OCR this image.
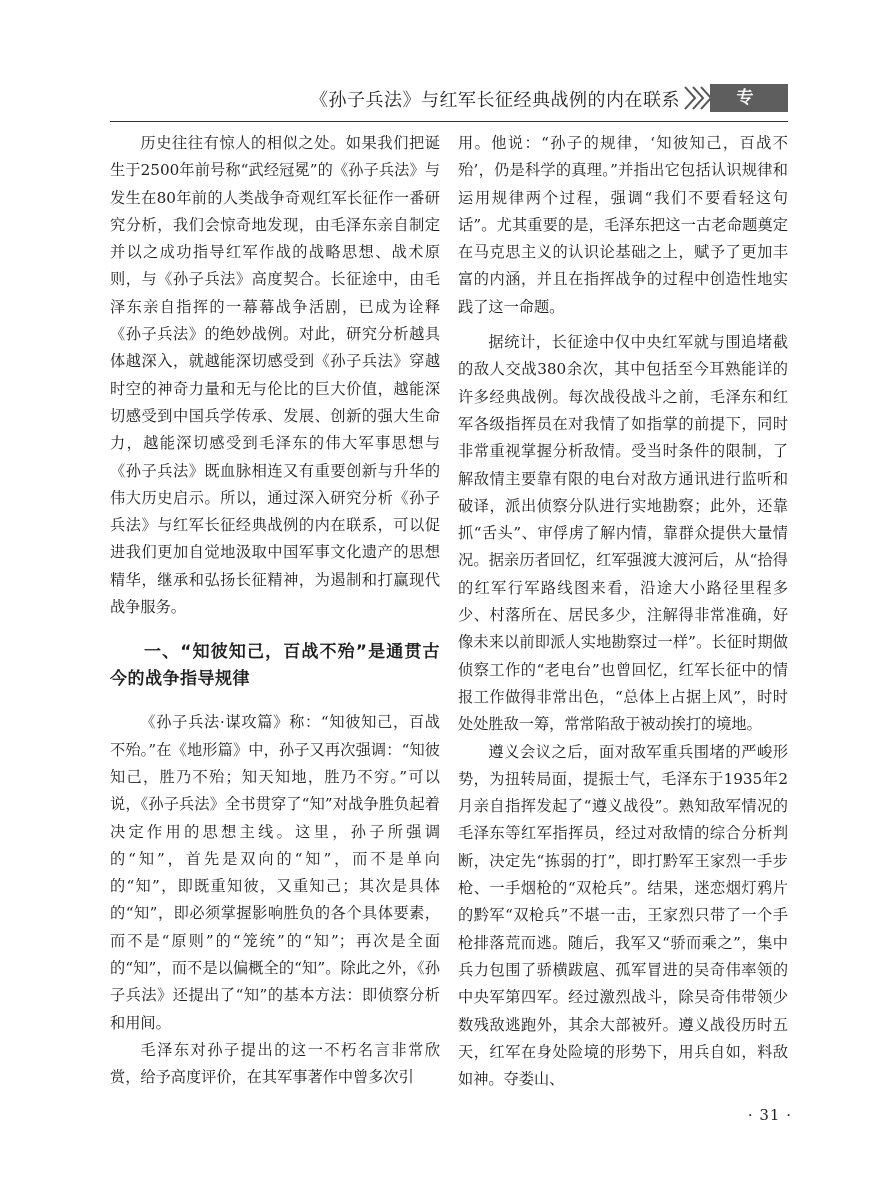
《孙子兵法》与红军长征经典战例的内在联系	专 栏

历史往往有惊人的相似之处。如果我们把诞生于2500年前号称“武经冠冕”的《孙子兵法》与发生在80年前的人类战争奇观红军长征作一番研究分析，我们会惊奇地发现，由毛泽东亲自制定并以之成功指导红军作战的战略思想、战术原则，与《孙子兵法》高度契合。长征途中，由毛泽东亲自指挥的一幕幕战争活剧，已成为诠释《孙子兵法》的绝妙战例。对此，研究分析越具体越深入，就越能深切感受到《孙子兵法》穿越时空的神奇力量和无与伦比的巨大价值，越能深切感受到中国兵学传承、发展、创新的强大生命力，越能深切感受到毛泽东的伟大军事思想与《孙子兵法》既血脉相连又有重要创新与升华的伟大历史启示。所以，通过深入研究分析《孙子兵法》与红军长征经典战例的内在联系，可以促进我们更加自觉地汲取中国军事文化遗产的思想精华，继承和弘扬长征精神，为遏制和打赢现代战争服务。

一、“知彼知己，百战不殆”是通贯古今的战争指导规律

《孙子兵法·谋攻篇》称：“知彼知己，百战不殆。”在《地形篇》中，孙子又再次强调：“知彼知己，胜乃不殆；知天知地，胜乃不穷。”可以说，《孙子兵法》全书贯穿了“知”对战争胜负起着决定作用的思想主线。这里，孙子所强调的“知”，首先是双向的“知”，而不是单向的“知”，即既重知彼，又重知己；其次是具体的“知”，即必须掌握影响胜负的各个具体要素，而不是“原则”的“笼统”的“知”；再次是全面的“知”，而不是以偏概全的“知”。除此之外，《孙子兵法》还提出了“知”的基本方法：即侦察分析和用间。

毛泽东对孙子提出的这一不朽名言非常欣赏，给予高度评价，在其军事著作中曾多次引

用。他说：“孙子的规律，‘知彼知己，百战不殆’，仍是科学的真理。”并指出它包括认识规律和运用规律两个过程，强调“我们不要看轻这句话”。尤其重要的是，毛泽东把这一古老命题奠定在马克思主义的认识论基础之上，赋予了更加丰富的内涵，并且在指挥战争的过程中创造性地实践了这一命题。

据统计，长征途中仅中央红军就与围追堵截的敌人交战380余次，其中包括至今耳熟能详的许多经典战例。每次战役战斗之前，毛泽东和红军各级指挥员在对我情了如指掌的前提下，同时非常重视掌握分析敌情。受当时条件的限制，了解敌情主要靠有限的电台对敌方通讯进行监听和破译，派出侦察分队进行实地勘察；此外，还靠抓“舌头”、审俘虏了解内情，靠群众提供大量情况。据亲历者回忆，红军强渡大渡河后，从“拾得的红军行军路线图来看，沿途大小路径里程多少、村落所在、居民多少，注解得非常准确，好像未来以前即派人实地勘察过一样”。长征时期做侦察工作的“老电台”也曾回忆，红军长征中的情报工作做得非常出色，“总体上占据上风”，时时处处胜敌一筹，常常陷敌于被动挨打的境地。

遵义会议之后，面对敌军重兵围堵的严峻形势，为扭转局面，提振士气，毛泽东于1935年2月亲自指挥发起了“遵义战役”。熟知敌军情况的毛泽东等红军指挥员，经过对敌情的综合分析判断，决定先“拣弱的打”，即打黔军王家烈一手步枪、一手烟枪的“双枪兵”。结果，迷恋烟灯鸦片的黔军“双枪兵”不堪一击，王家烈只带了一个手枪排落荒而逃。随后，我军又“骄而乘之”，集中兵力包围了骄横跋扈、孤军冒进的吴奇伟率领的中央军第四军。经过激烈战斗，除吴奇伟带领少数残敌逃跑外，其余大部被歼。遵义战役历时五天，红军在身处险境的形势下，用兵自如，料敌如神。夺娄山、

· 31 ·
